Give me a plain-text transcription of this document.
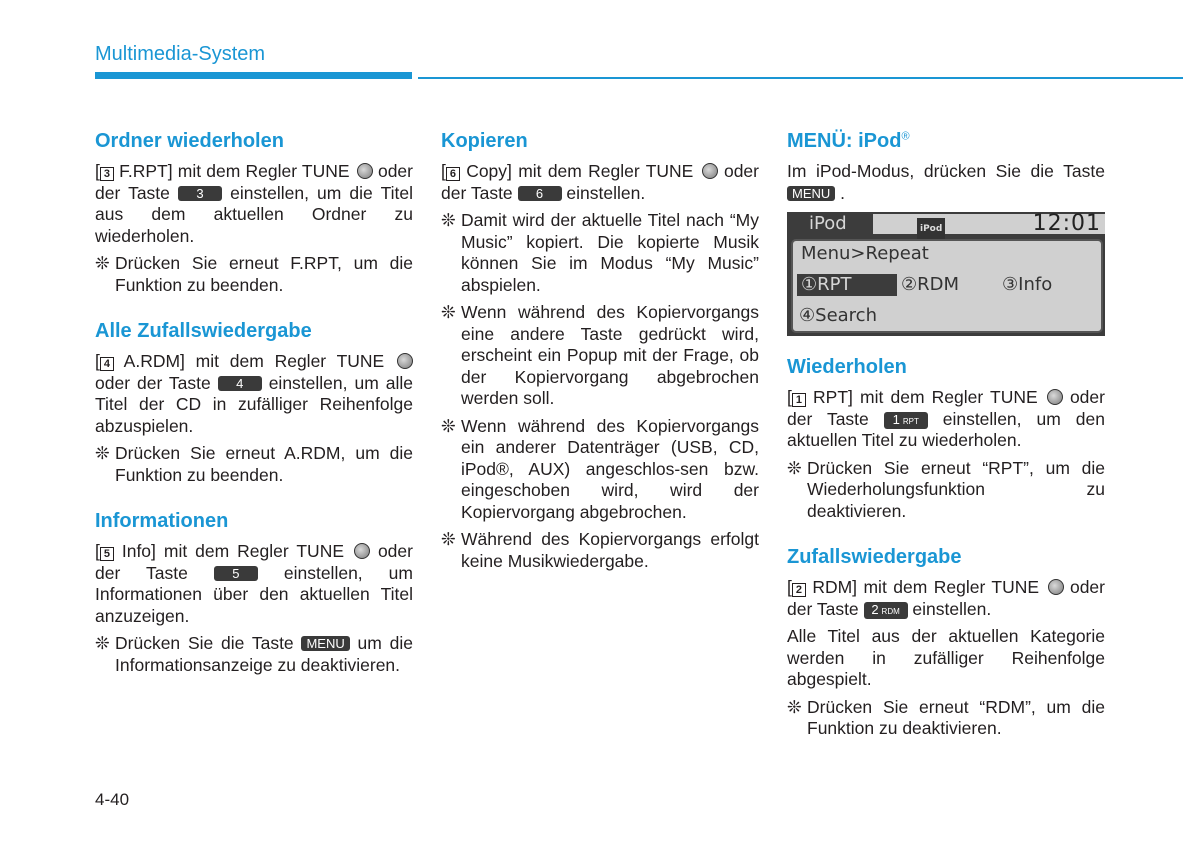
Multimedia-System
Ordner wiederholen

[ 3 F.RPT] mit dem Regler TUNE oder der Taste 3 einstellen, um die Titel aus dem aktuellen Ordner zu wiederholen.

❊ Drücken Sie erneut F.RPT, um die Funktion zu beenden.
Alle Zufallswiedergabe

[ 4 A.RDM] mit dem Regler TUNE  oder der Taste 4 einstellen, um alle Titel der CD in zufälliger Reihenfolge abzuspielen.

❊ Drücken Sie erneut A.RDM, um die Funktion zu beenden.
Informationen

[ 5 Info] mit dem Regler TUNE oder der Taste	5	einstellen, um Informationen über den aktuellen Titel anzuzeigen.

❊ Drücken Sie die Taste MENU um die Informationsanzeige zu deaktivieren.
Kopieren

[ 6 Copy] mit dem Regler TUNE oder der Taste 6 einstellen.

❊ Damit wird der aktuelle Titel nach “My Music” kopiert. Die kopierte Musik können Sie im Modus “My Music” abspielen.
❊ Wenn während des Kopiervorgangs eine andere Taste gedrückt wird, erscheint ein Popup mit der Frage, ob der Kopiervorgang abgebrochen werden soll.
❊ Wenn während des Kopiervorgangs ein anderer Datenträger (USB, CD, iPod®, AUX) angeschlos-sen bzw. eingeschoben wird, wird der Kopiervorgang abgebrochen.
❊ Während des Kopiervorgangs erfolgt keine Musikwiedergabe.
MENÜ: iPod®

Im iPod-Modus, drücken Sie die Taste MENU .

iPod	iPod	12:01
Menu>Repeat
①RPT	②RDM ③Info
④Search
Wiederholen

[ 1 RPT] mit dem Regler TUNE oder der Taste 1 RPT einstellen, um den aktuellen Titel zu wiederholen.

❊ Drücken Sie erneut “RPT”, um die Wiederholungsfunktion zu deaktivieren.
Zufallswiedergabe

[ 2 RDM] mit dem Regler TUNE oder der Taste 2 RDM einstellen.

Alle Titel aus der aktuellen Kategorie werden in zufälliger Reihenfolge abgespielt.

❊ Drücken Sie erneut “RDM”, um die Funktion zu deaktivieren.
4-40
